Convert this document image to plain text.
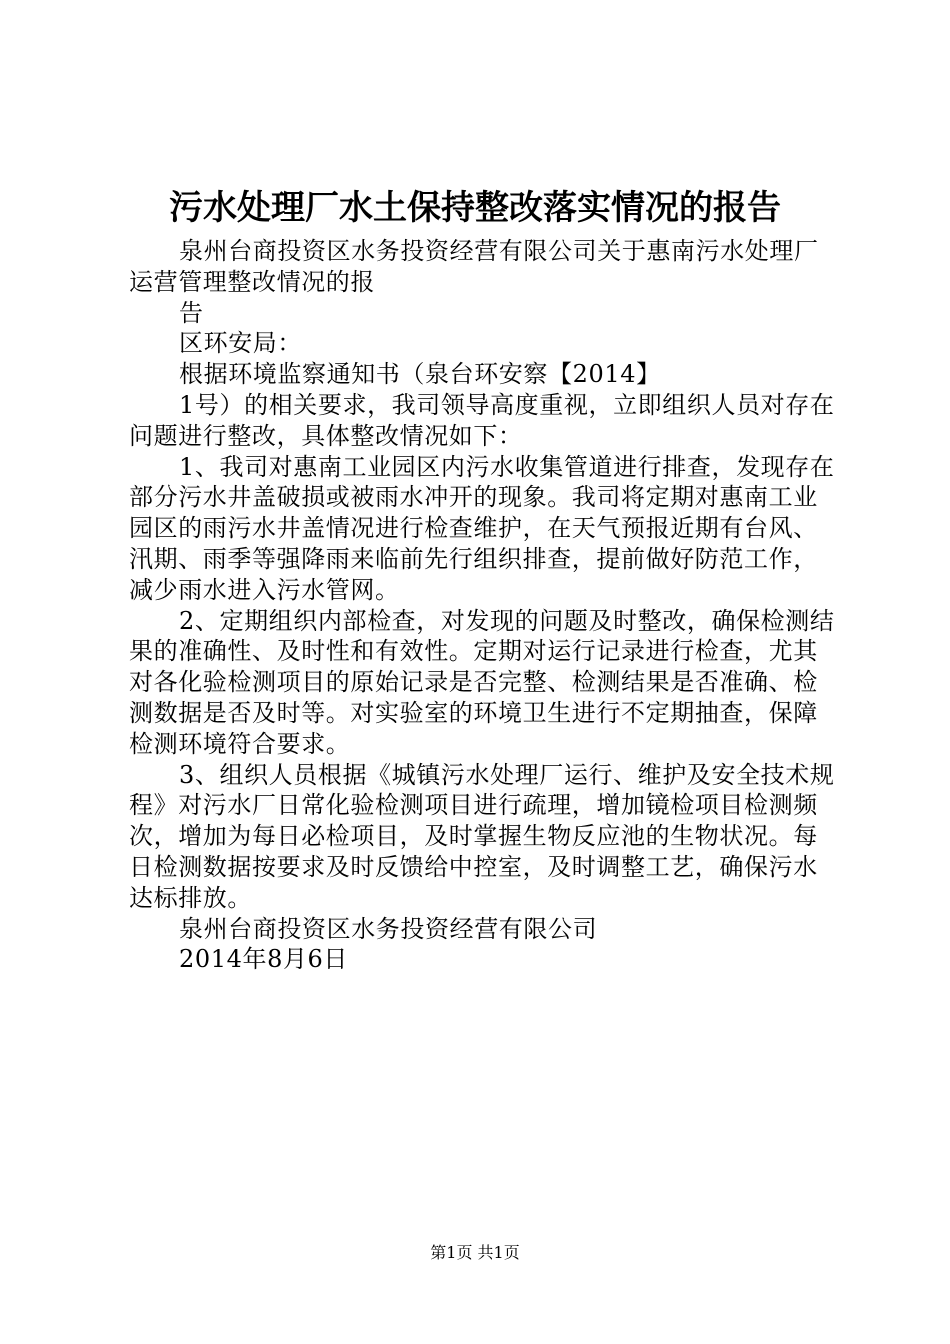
污水处理厂水土保持整改落实情况的报告

泉州台商投资区水务投资经营有限公司关于惠南污水处理厂运营管理整改情况的报

告

区环安局：

根据环境监察通知书（泉台环安察【2014】

1号）的相关要求，我司领导高度重视，立即组织人员对存在问题进行整改，具体整改情况如下：

1、我司对惠南工业园区内污水收集管道进行排查，发现存在部分污水井盖破损或被雨水冲开的现象。我司将定期对惠南工业园区的雨污水井盖情况进行检查维护，在天气预报近期有台风、汛期、雨季等强降雨来临前先行组织排查，提前做好防范工作，减少雨水进入污水管网。

2、定期组织内部检查，对发现的问题及时整改，确保检测结果的准确性、及时性和有效性。定期对运行记录进行检查，尤其对各化验检测项目的原始记录是否完整、检测结果是否准确、检测数据是否及时等。对实验室的环境卫生进行不定期抽查，保障检测环境符合要求。

3、组织人员根据《城镇污水处理厂运行、维护及安全技术规程》对污水厂日常化验检测项目进行疏理，增加镜检项目检测频次，增加为每日必检项目，及时掌握生物反应池的生物状况。每日检测数据按要求及时反馈给中控室，及时调整工艺，确保污水达标排放。

泉州台商投资区水务投资经营有限公司

2014年8月6日

第1页 共1页
